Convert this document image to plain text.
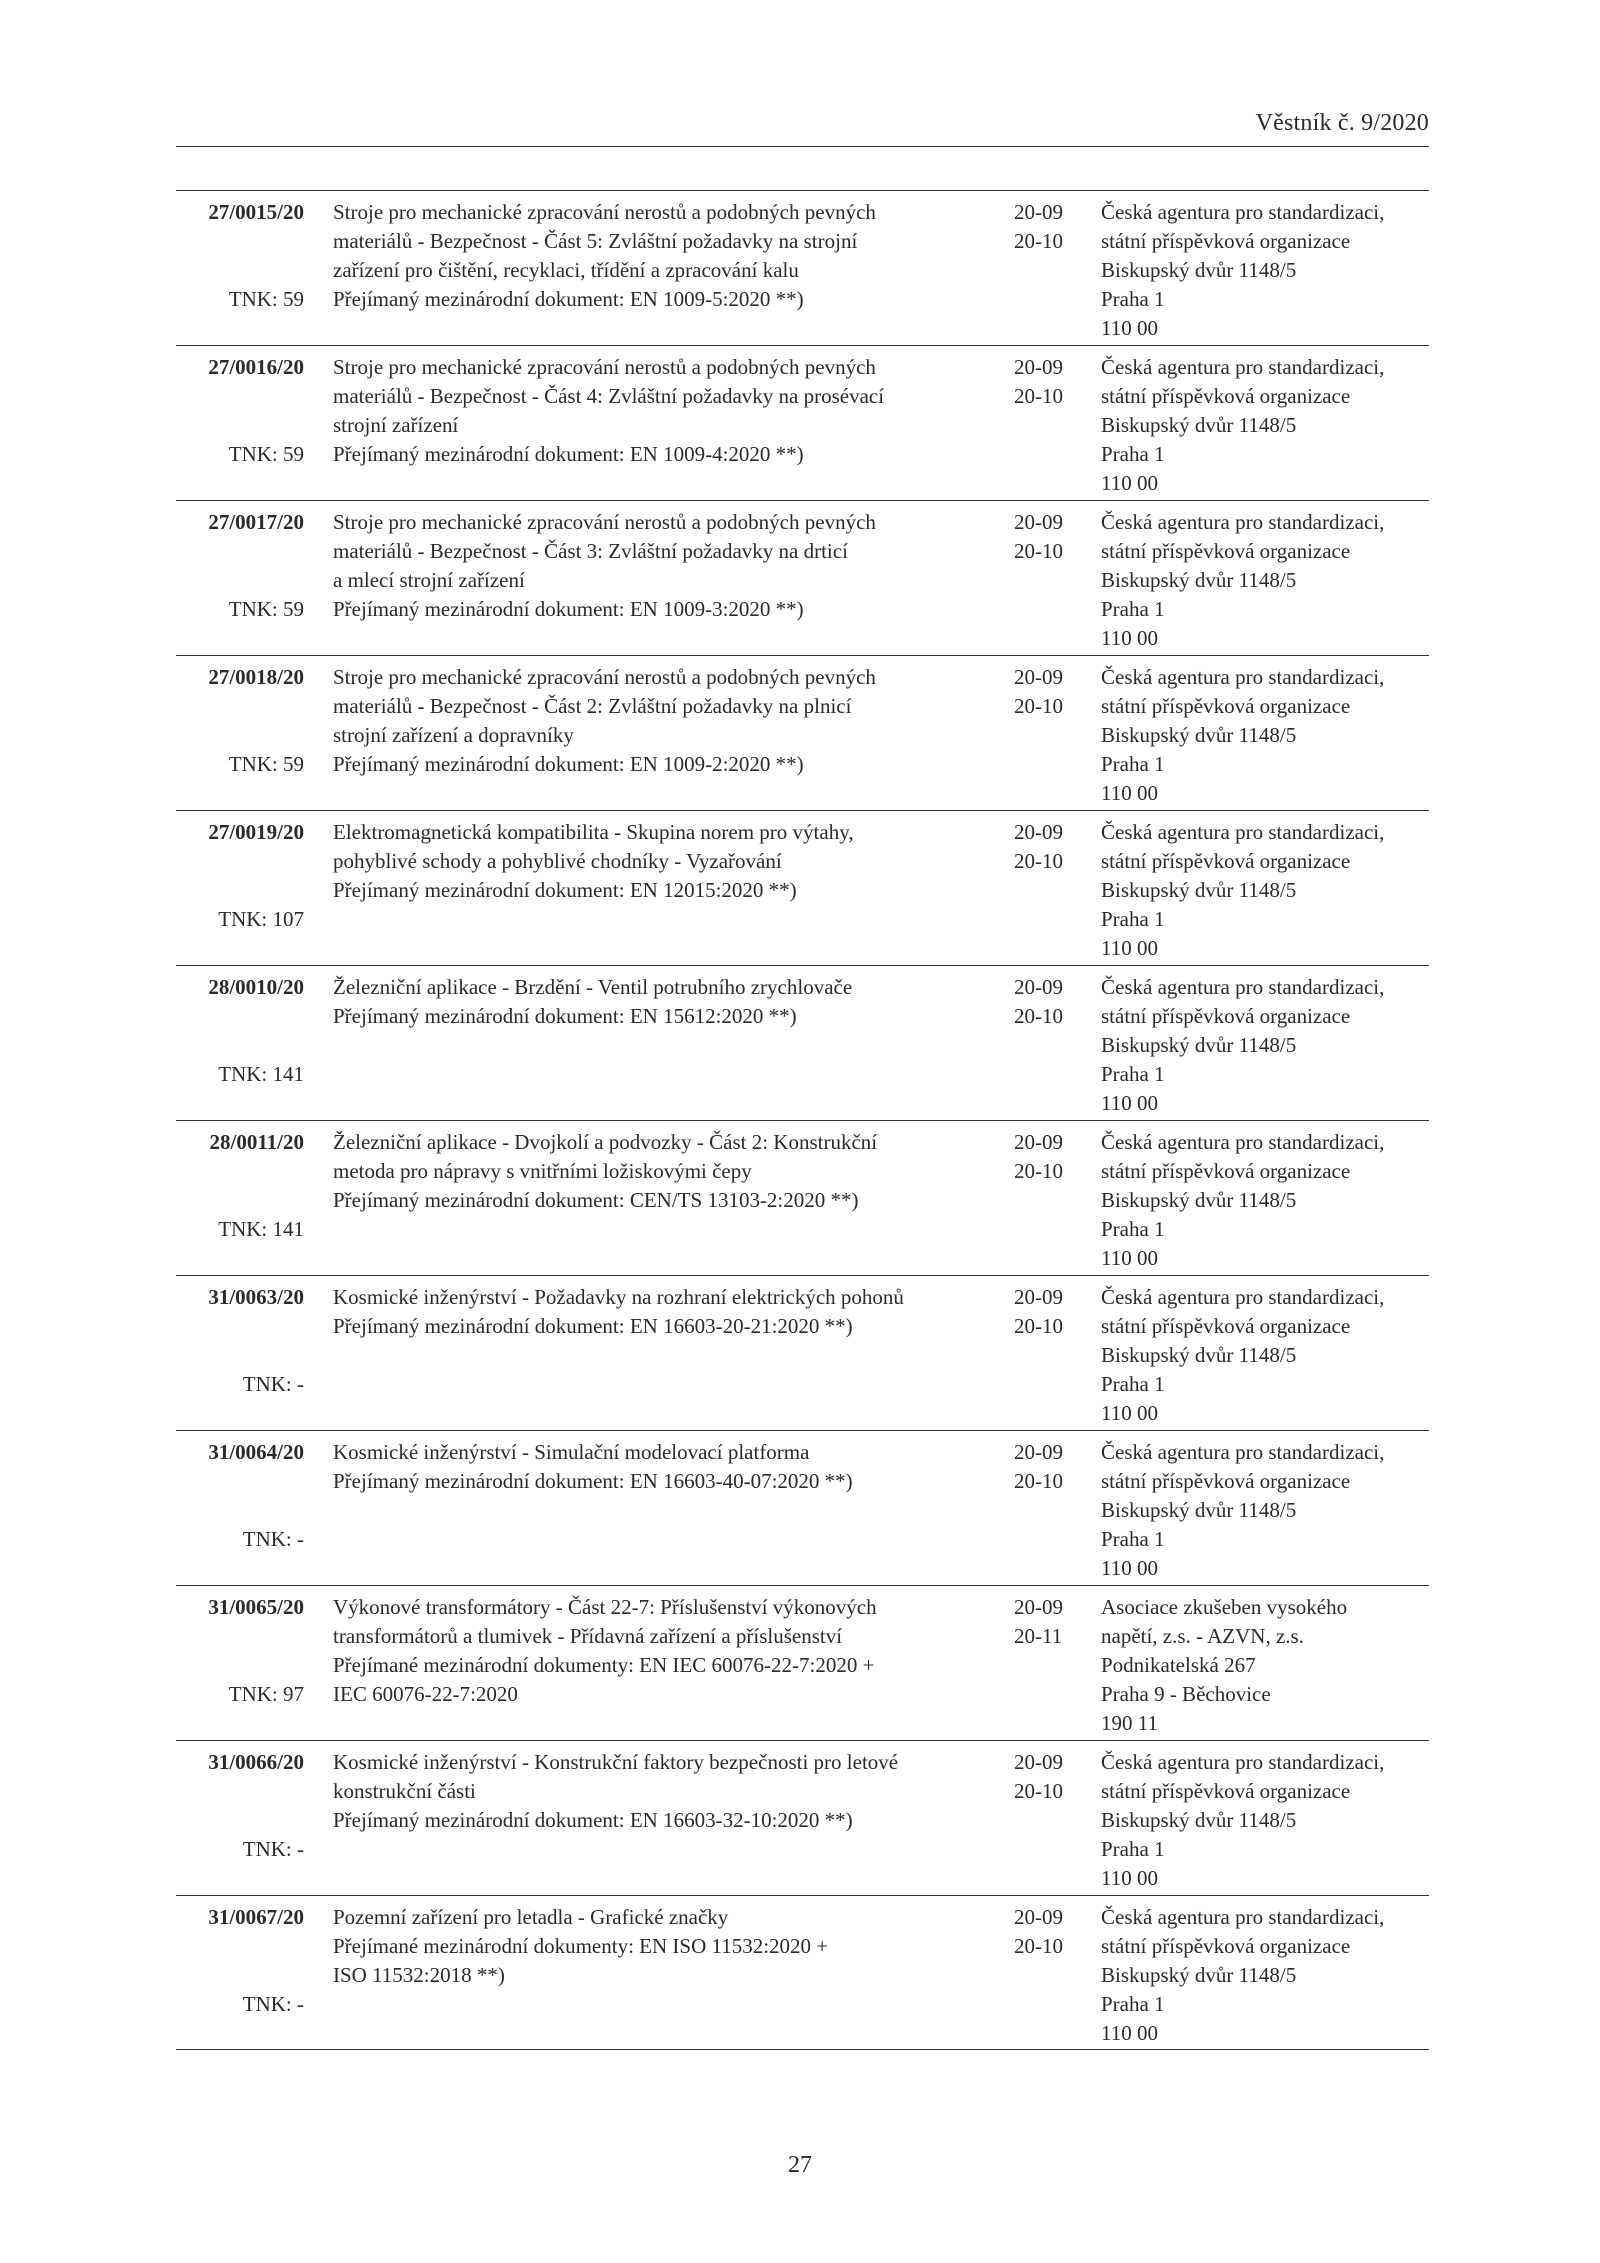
Věstník č. 9/2020
27/0015/20
TNK: 59
Stroje pro mechanické zpracování nerostů a podobných pevných
materiálů - Bezpečnost - Část 5: Zvláštní požadavky na strojní
zařízení pro čištění, recyklaci, třídění a zpracování kalu
Přejímaný mezinárodní dokument: EN 1009-5:2020 **)
20-09
20-10
Česká agentura pro standardizaci,
státní příspěvková organizace
Biskupský dvůr 1148/5
Praha 1
110 00
27/0016/20
TNK: 59
Stroje pro mechanické zpracování nerostů a podobných pevných
materiálů - Bezpečnost - Část 4: Zvláštní požadavky na prosévací
strojní zařízení
Přejímaný mezinárodní dokument: EN 1009-4:2020 **)
20-09
20-10
Česká agentura pro standardizaci,
státní příspěvková organizace
Biskupský dvůr 1148/5
Praha 1
110 00
27/0017/20
TNK: 59
Stroje pro mechanické zpracování nerostů a podobných pevných
materiálů - Bezpečnost - Část 3: Zvláštní požadavky na drticí
a mlecí strojní zařízení
Přejímaný mezinárodní dokument: EN 1009-3:2020 **)
20-09
20-10
Česká agentura pro standardizaci,
státní příspěvková organizace
Biskupský dvůr 1148/5
Praha 1
110 00
27/0018/20
TNK: 59
Stroje pro mechanické zpracování nerostů a podobných pevných
materiálů - Bezpečnost - Část 2: Zvláštní požadavky na plnicí
strojní zařízení a dopravníky
Přejímaný mezinárodní dokument: EN 1009-2:2020 **)
20-09
20-10
Česká agentura pro standardizaci,
státní příspěvková organizace
Biskupský dvůr 1148/5
Praha 1
110 00
27/0019/20
TNK: 107
Elektromagnetická kompatibilita - Skupina norem pro výtahy,
pohyblivé schody a pohyblivé chodníky - Vyzařování
Přejímaný mezinárodní dokument: EN 12015:2020 **)
20-09
20-10
Česká agentura pro standardizaci,
státní příspěvková organizace
Biskupský dvůr 1148/5
Praha 1
110 00
28/0010/20
TNK: 141
Železniční aplikace - Brzdění - Ventil potrubního zrychlovače
Přejímaný mezinárodní dokument: EN 15612:2020 **)
20-09
20-10
Česká agentura pro standardizaci,
státní příspěvková organizace
Biskupský dvůr 1148/5
Praha 1
110 00
28/0011/20
TNK: 141
Železniční aplikace - Dvojkolí a podvozky - Část 2: Konstrukční
metoda pro nápravy s vnitřními ložiskovými čepy
Přejímaný mezinárodní dokument: CEN/TS 13103-2:2020 **)
20-09
20-10
Česká agentura pro standardizaci,
státní příspěvková organizace
Biskupský dvůr 1148/5
Praha 1
110 00
31/0063/20
TNK: -
Kosmické inženýrství - Požadavky na rozhraní elektrických pohonů
Přejímaný mezinárodní dokument: EN 16603-20-21:2020 **)
20-09
20-10
Česká agentura pro standardizaci,
státní příspěvková organizace
Biskupský dvůr 1148/5
Praha 1
110 00
31/0064/20
TNK: -
Kosmické inženýrství - Simulační modelovací platforma
Přejímaný mezinárodní dokument: EN 16603-40-07:2020 **)
20-09
20-10
Česká agentura pro standardizaci,
státní příspěvková organizace
Biskupský dvůr 1148/5
Praha 1
110 00
31/0065/20
TNK: 97
Výkonové transformátory - Část 22-7: Příslušenství výkonových
transformátorů a tlumivek - Přídavná zařízení a příslušenství
Přejímané mezinárodní dokumenty: EN IEC 60076-22-7:2020 +
IEC 60076-22-7:2020
20-09
20-11
Asociace zkušeben vysokého
napětí, z.s. - AZVN, z.s.
Podnikatelská 267
Praha 9 - Běchovice
190 11
31/0066/20
TNK: -
Kosmické inženýrství - Konstrukční faktory bezpečnosti pro letové
konstrukční části
Přejímaný mezinárodní dokument: EN 16603-32-10:2020 **)
20-09
20-10
Česká agentura pro standardizaci,
státní příspěvková organizace
Biskupský dvůr 1148/5
Praha 1
110 00
31/0067/20
TNK: -
Pozemní zařízení pro letadla - Grafické značky
Přejímané mezinárodní dokumenty: EN ISO 11532:2020 +
ISO 11532:2018 **)
20-09
20-10
Česká agentura pro standardizaci,
státní příspěvková organizace
Biskupský dvůr 1148/5
Praha 1
110 00
27
